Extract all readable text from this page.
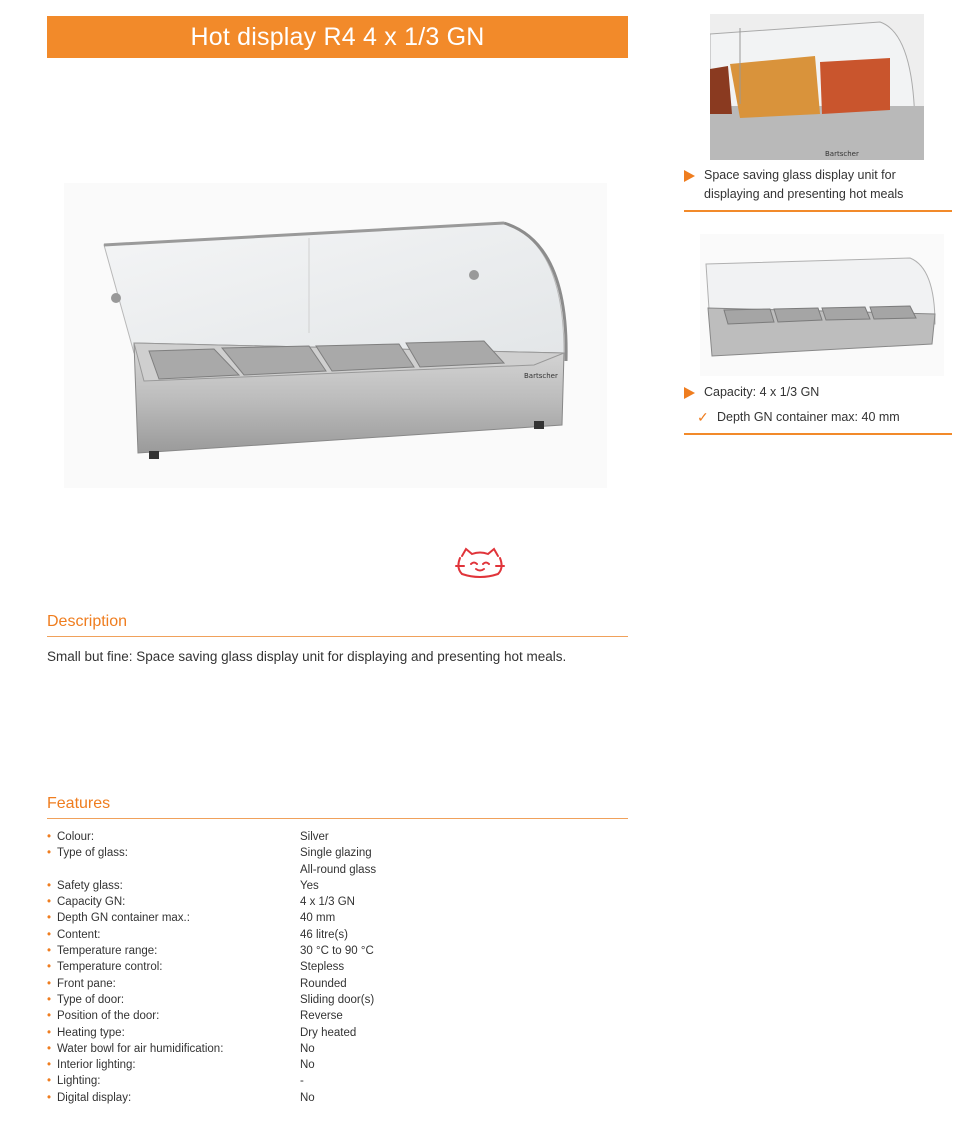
Hot display R4 4 x 1/3 GN
Bartscher
Description
Small but fine: Space saving glass display unit for displaying and presenting hot meals.
Features
• Colour:	Silver
• Type of glass:	Single glazing
All-round glass
• Safety glass:	Yes
• Capacity GN:	4 x 1/3 GN
• Depth GN container max.:	40 mm
• Content:	46 litre(s)
• Temperature range:	30 °C to 90 °C
• Temperature control:	Stepless
• Front pane:	Rounded
• Type of door:	Sliding door(s)
• Position of the door:	Reverse
• Heating type:	Dry heated
• Water bowl for air humidification:	No
• Interior lighting:	No
• Lighting:	-
• Digital display:	No
Bartscher
Space saving glass display unit for displaying and presenting hot meals
Capacity: 4 x 1/3 GN
✓ Depth GN container max: 40 mm
